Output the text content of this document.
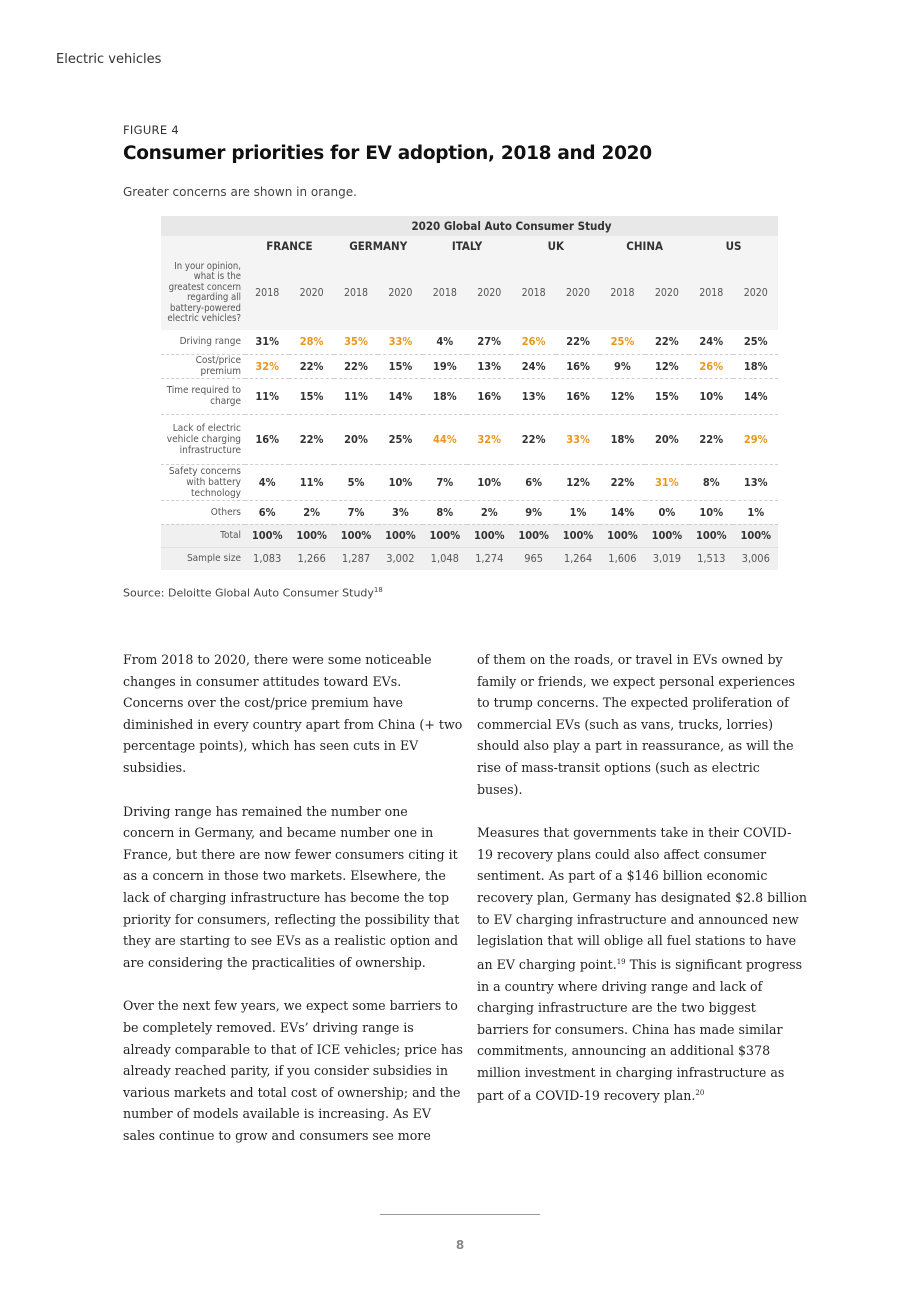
Electric vehicles
FIGURE 4
Consumer priorities for EV adoption, 2018 and 2020
Greater concerns are shown in orange.
	2020 Global Auto Consumer Study											
	FRANCE		GERMANY		ITALY		UK		CHINA		US	
In your opinion, what is the greatest concern regarding all battery-powered electric vehicles?	2018	2020	2018	2020	2018	2020	2018	2020	2018	2020	2018	2020
Driving range	31%	28%	35%	33%	4%	27%	26%	22%	25%	22%	24%	25%
Cost/price premium	32%	22%	22%	15%	19%	13%	24%	16%	9%	12%	26%	18%
Time required to charge	11%	15%	11%	14%	18%	16%	13%	16%	12%	15%	10%	14%
Lack of electric vehicle charging infrastructure	16%	22%	20%	25%	44%	32%	22%	33%	18%	20%	22%	29%
Safety concerns with battery technology	4%	11%	5%	10%	7%	10%	6%	12%	22%	31%	8%	13%
Others	6%	2%	7%	3%	8%	2%	9%	1%	14%	0%	10%	1%
Total	100%	100%	100%	100%	100%	100%	100%	100%	100%	100%	100%	100%
Sample size	1,083	1,266	1,287	3,002	1,048	1,274	965	1,264	1,606	3,019	1,513	3,006
Source: Deloitte Global Auto Consumer Study$^{18}$

From 2018 to 2020, there were some noticeable changes in consumer attitudes toward EVs. Concerns over the cost/price premium have diminished in every country apart from China (+ two percentage points), which has seen cuts in EV subsidies.

Driving range has remained the number one concern in Germany, and became number one in France, but there are now fewer consumers citing it as a concern in those two markets. Elsewhere, the lack of charging infrastructure has become the top priority for consumers, reflecting the possibility that they are starting to see EVs as a realistic option and are considering the practicalities of ownership.

Over the next few years, we expect some barriers to be completely removed. EVs’ driving range is already comparable to that of ICE vehicles; price has already reached parity, if you consider subsidies in various markets and total cost of ownership; and the number of models available is increasing. As EV sales continue to grow and consumers see more

of them on the roads, or travel in EVs owned by family or friends, we expect personal experiences to trump concerns. The expected proliferation of commercial EVs (such as vans, trucks, lorries) should also play a part in reassurance, as will the rise of mass-transit options (such as electric buses).

Measures that governments take in their COVID-19 recovery plans could also affect consumer sentiment. As part of a $146 billion economic recovery plan, Germany has designated $2.8 billion to EV charging infrastructure and announced new legislation that will oblige all fuel stations to have an EV charging point.$^{19}$ This is significant progress in a country where driving range and lack of charging infrastructure are the two biggest barriers for consumers. China has made similar commitments, announcing an additional $378 million investment in charging infrastructure as part of a COVID-19 recovery plan.$^{20}$

8
